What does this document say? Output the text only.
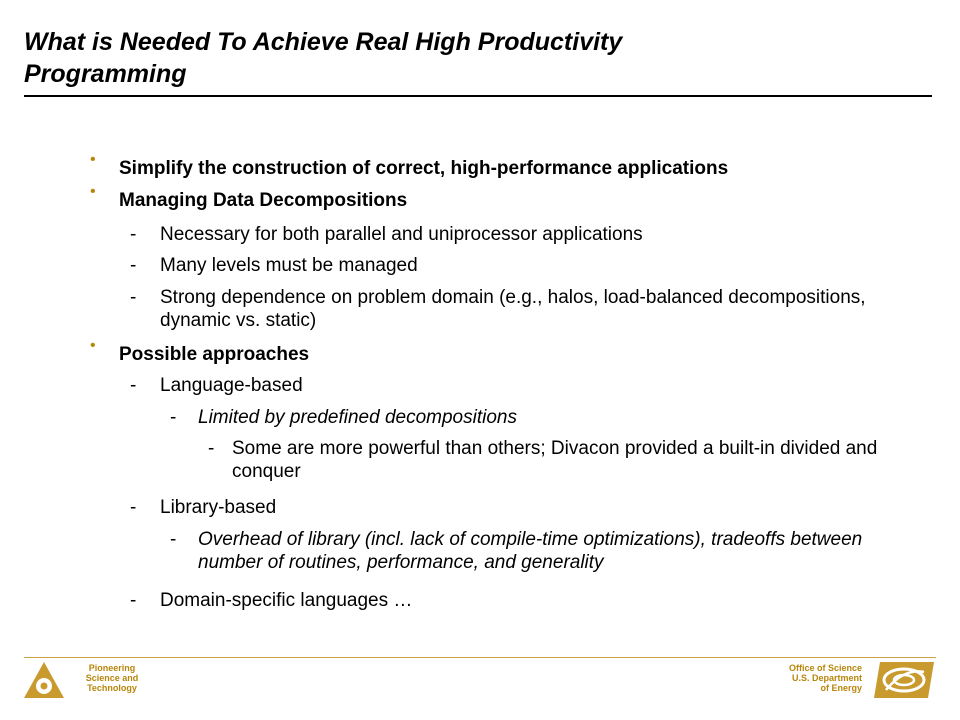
What is Needed To Achieve Real High Productivity
Programming
•	Simplify the construction of correct, high-performance applications
•	Managing Data Decompositions
-	Necessary for both parallel and uniprocessor applications
-	Many levels must be managed
-	Strong dependence on problem domain (e.g., halos, load-balanced decompositions, dynamic vs. static)
•	Possible approaches
-	Language-based
-	Limited by predefined decompositions
- Some are more powerful than others; Divacon provided a built-in divided and conquer
-	Library-based
-	Overhead of library (incl. lack of compile-time optimizations), tradeoffs between number of routines, performance, and generality
-	Domain-specific languages …
Pioneering
Science and
Technology
Office of Science
U.S. Department
of Energy
